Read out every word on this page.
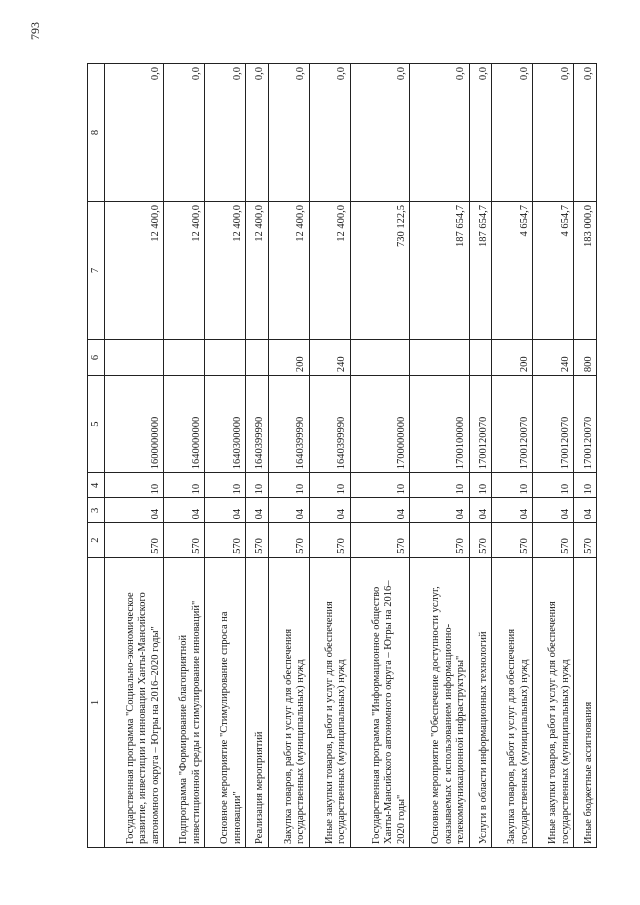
793
1	2	3	4	5	6	7	8
Государственная программа "Социально-экономическое развитие, инвестиции и инновации Ханты-Мансийского автономного округа – Югры на 2016–2020 годы"	570	04	10	1600000000		12 400,0	0,0
Подпрограмма "Формирование благоприятной инвестиционной среды и стимулирование инноваций"	570	04	10	1640000000		12 400,0	0,0
Основное мероприятие "Стимулирование спроса на инновации"	570	04	10	1640300000		12 400,0	0,0
Реализация мероприятий	570	04	10	1640399990		12 400,0	0,0
Закупка товаров, работ и услуг для обеспечения государственных (муниципальных) нужд	570	04	10	1640399990	200	12 400,0	0,0
Иные закупки товаров, работ и услуг для обеспечения государственных (муниципальных) нужд	570	04	10	1640399990	240	12 400,0	0,0
Государственная программа "Информационное общество Ханты-Мансийского автономного округа – Югры на 2016–2020 годы"	570	04	10	1700000000		730 122,5	0,0
Основное мероприятие "Обеспечение доступности услуг, оказываемых с использованием информационно-телекоммуникационной инфраструктуры"	570	04	10	1700100000		187 654,7	0,0
Услуги в области информационных технологий	570	04	10	1700120070		187 654,7	0,0
Закупка товаров, работ и услуг для обеспечения государственных (муниципальных) нужд	570	04	10	1700120070	200	4 654,7	0,0
Иные закупки товаров, работ и услуг для обеспечения государственных (муниципальных) нужд	570	04	10	1700120070	240	4 654,7	0,0
Иные бюджетные ассигнования	570	04	10	1700120070	800	183 000,0	0,0
